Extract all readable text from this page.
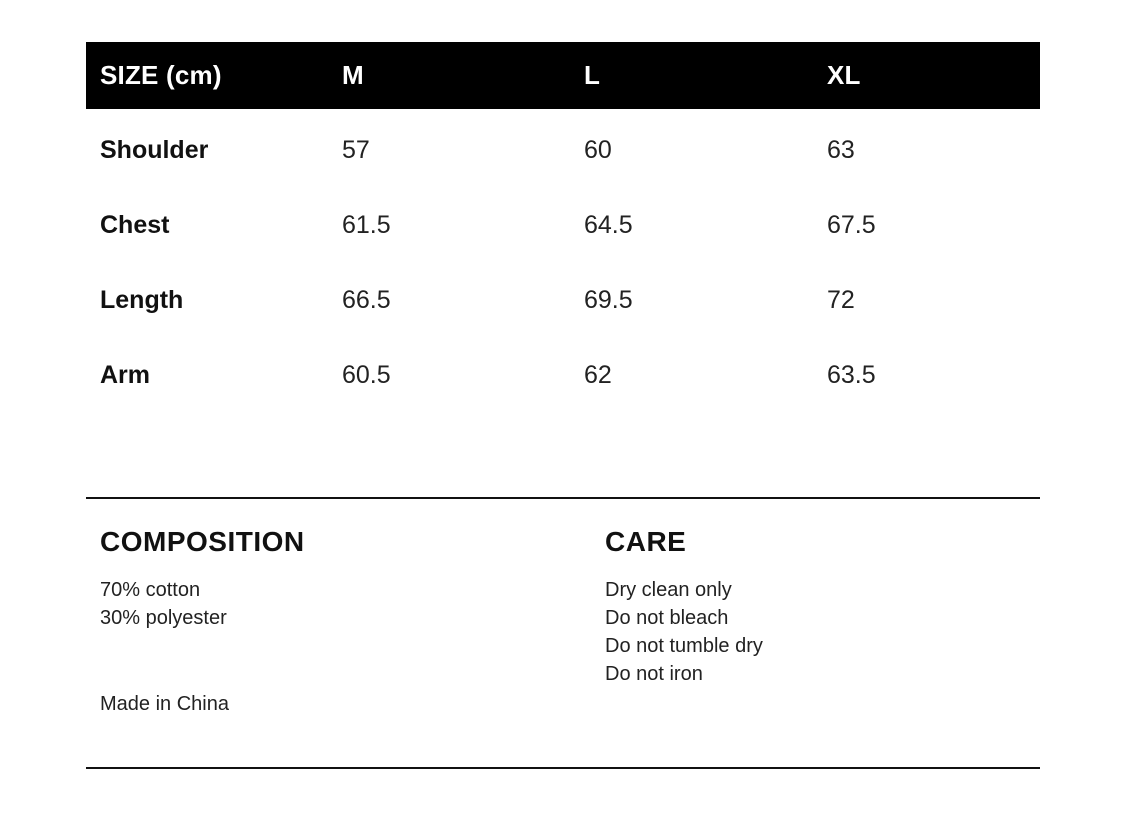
SIZE (cm)	M	L	XL
Shoulder	57	60	63
Chest	61.5	64.5	67.5
Length	66.5	69.5	72
Arm	60.5	62	63.5
COMPOSITION
70% cotton
30% polyester
Made in China
CARE
Dry clean only
Do not bleach
Do not tumble dry
Do not iron
